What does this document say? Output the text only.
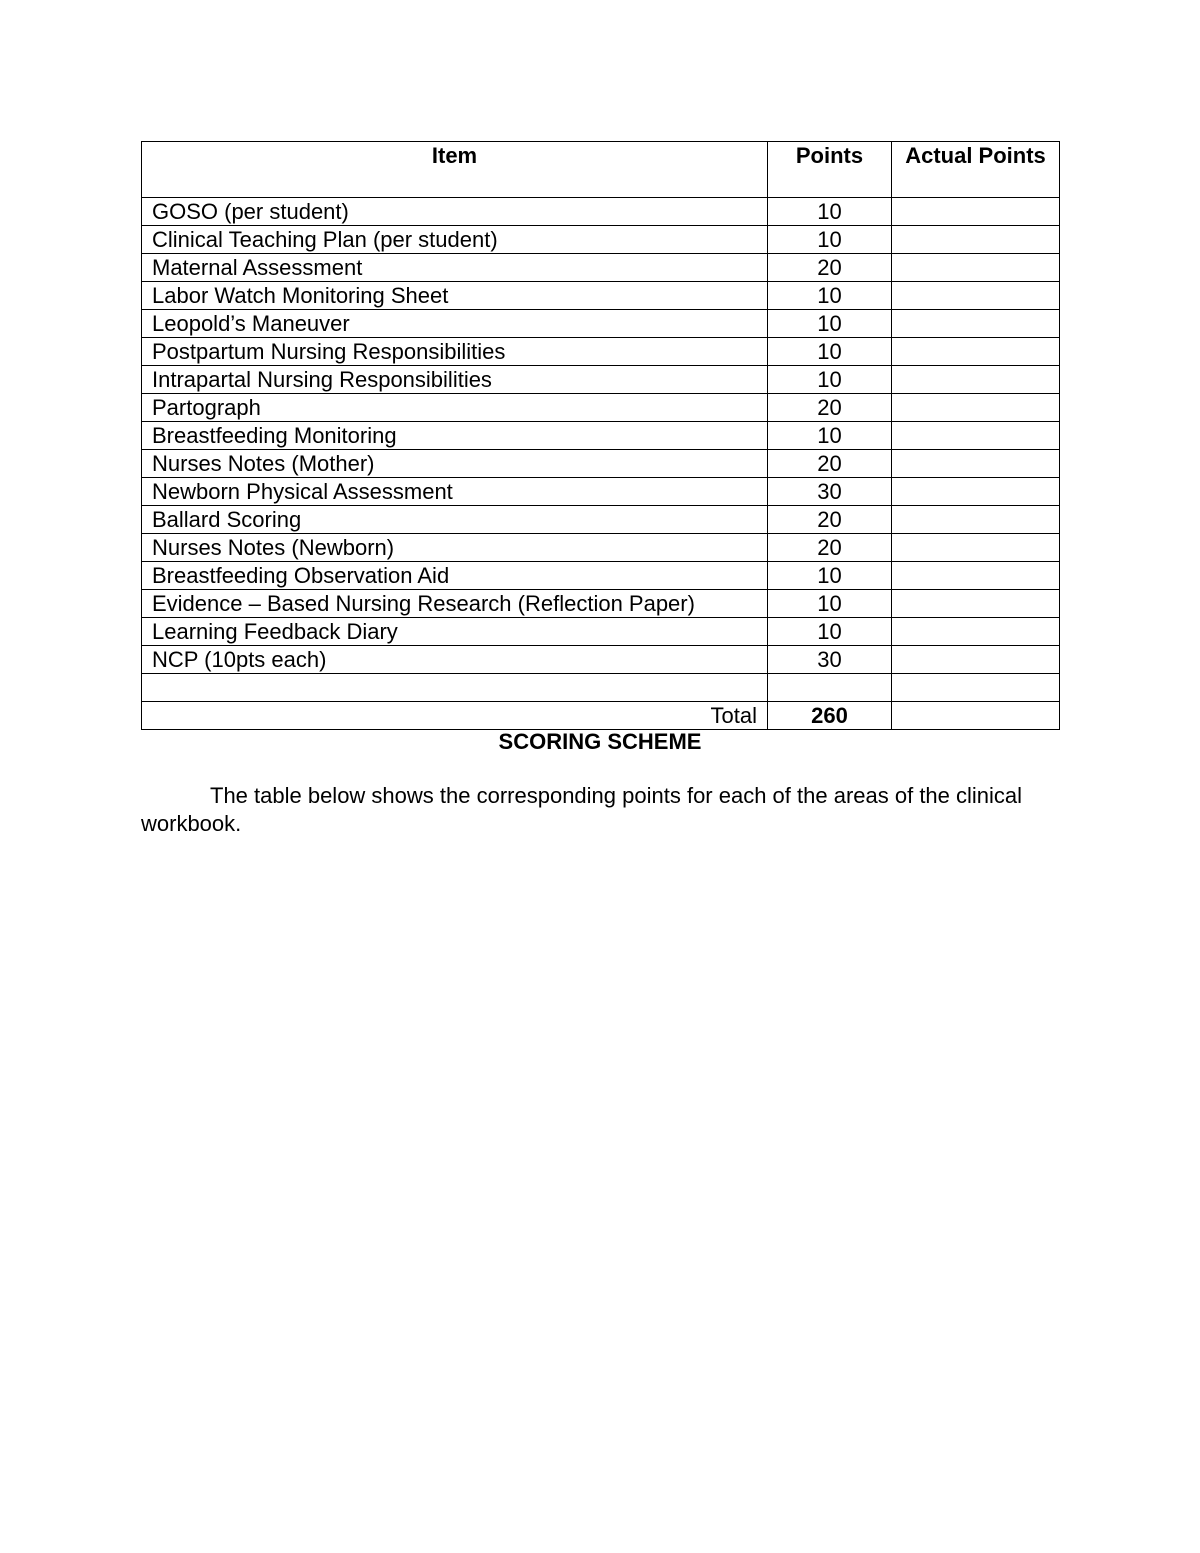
Item	Points	Actual Points
GOSO (per student)	10	
Clinical Teaching Plan (per student)	10	
Maternal Assessment	20	
Labor Watch Monitoring Sheet	10	
Leopold’s Maneuver	10	
Postpartum Nursing Responsibilities	10	
Intrapartal Nursing Responsibilities	10	
Partograph	20	
Breastfeeding Monitoring	10	
Nurses Notes (Mother)	20	
Newborn Physical Assessment	30	
Ballard Scoring	20	
Nurses Notes (Newborn)	20	
Breastfeeding Observation Aid	10	
Evidence – Based Nursing Research (Reflection Paper)	10	
Learning Feedback Diary	10	
NCP (10pts each)	30	

Total	260	
SCORING SCHEME
The table below shows the corresponding points for each of the areas of the clinical workbook.
